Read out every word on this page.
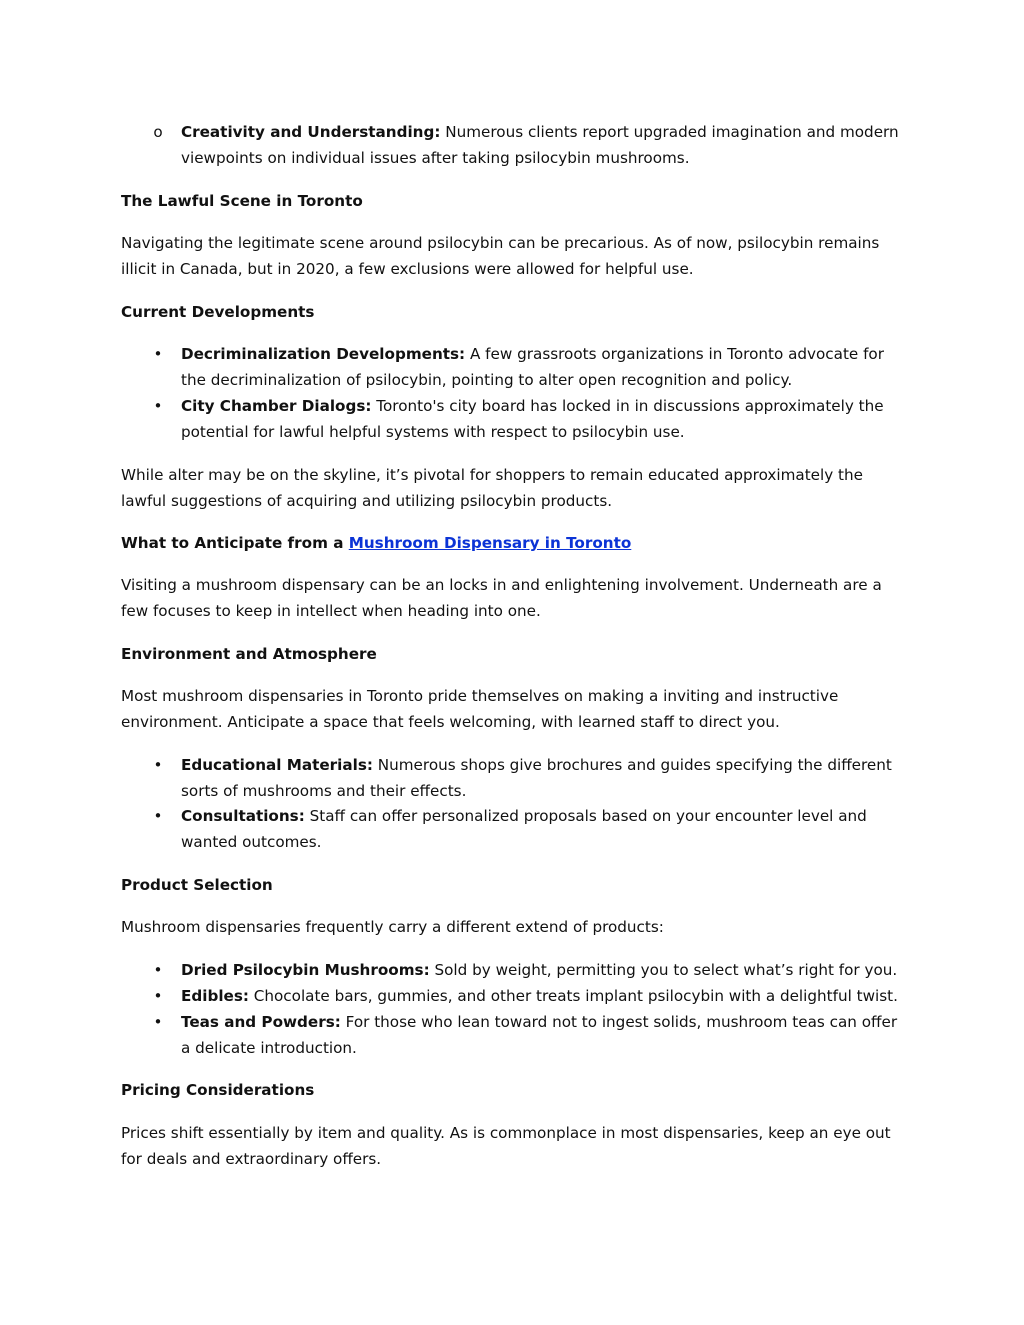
o	Creativity and Understanding: Numerous clients report upgraded imagination and modern viewpoints on individual issues after taking psilocybin mushrooms.

The Lawful Scene in Toronto

Navigating the legitimate scene around psilocybin can be precarious. As of now, psilocybin remains illicit in Canada, but in 2020, a few exclusions were allowed for helpful use.

Current Developments

•	Decriminalization Developments: A few grassroots organizations in Toronto advocate for the decriminalization of psilocybin, pointing to alter open recognition and policy.

•	City Chamber Dialogs: Toronto's city board has locked in in discussions approximately the potential for lawful helpful systems with respect to psilocybin use.

While alter may be on the skyline, it’s pivotal for shoppers to remain educated approximately the lawful suggestions of acquiring and utilizing psilocybin products.

What to Anticipate from a Mushroom Dispensary in Toronto

Visiting a mushroom dispensary can be an locks in and enlightening involvement. Underneath are a few focuses to keep in intellect when heading into one.

Environment and Atmosphere

Most mushroom dispensaries in Toronto pride themselves on making a inviting and instructive environment. Anticipate a space that feels welcoming, with learned staff to direct you.

•	Educational Materials: Numerous shops give brochures and guides specifying the different sorts of mushrooms and their effects.

•	Consultations: Staff can offer personalized proposals based on your encounter level and wanted outcomes.

Product Selection

Mushroom dispensaries frequently carry a different extend of products:

•	Dried Psilocybin Mushrooms: Sold by weight, permitting you to select what’s right for you.

•	Edibles: Chocolate bars, gummies, and other treats implant psilocybin with a delightful twist.

•	Teas and Powders: For those who lean toward not to ingest solids, mushroom teas can offer a delicate introduction.

Pricing Considerations

Prices shift essentially by item and quality. As is commonplace in most dispensaries, keep an eye out for deals and extraordinary offers.
